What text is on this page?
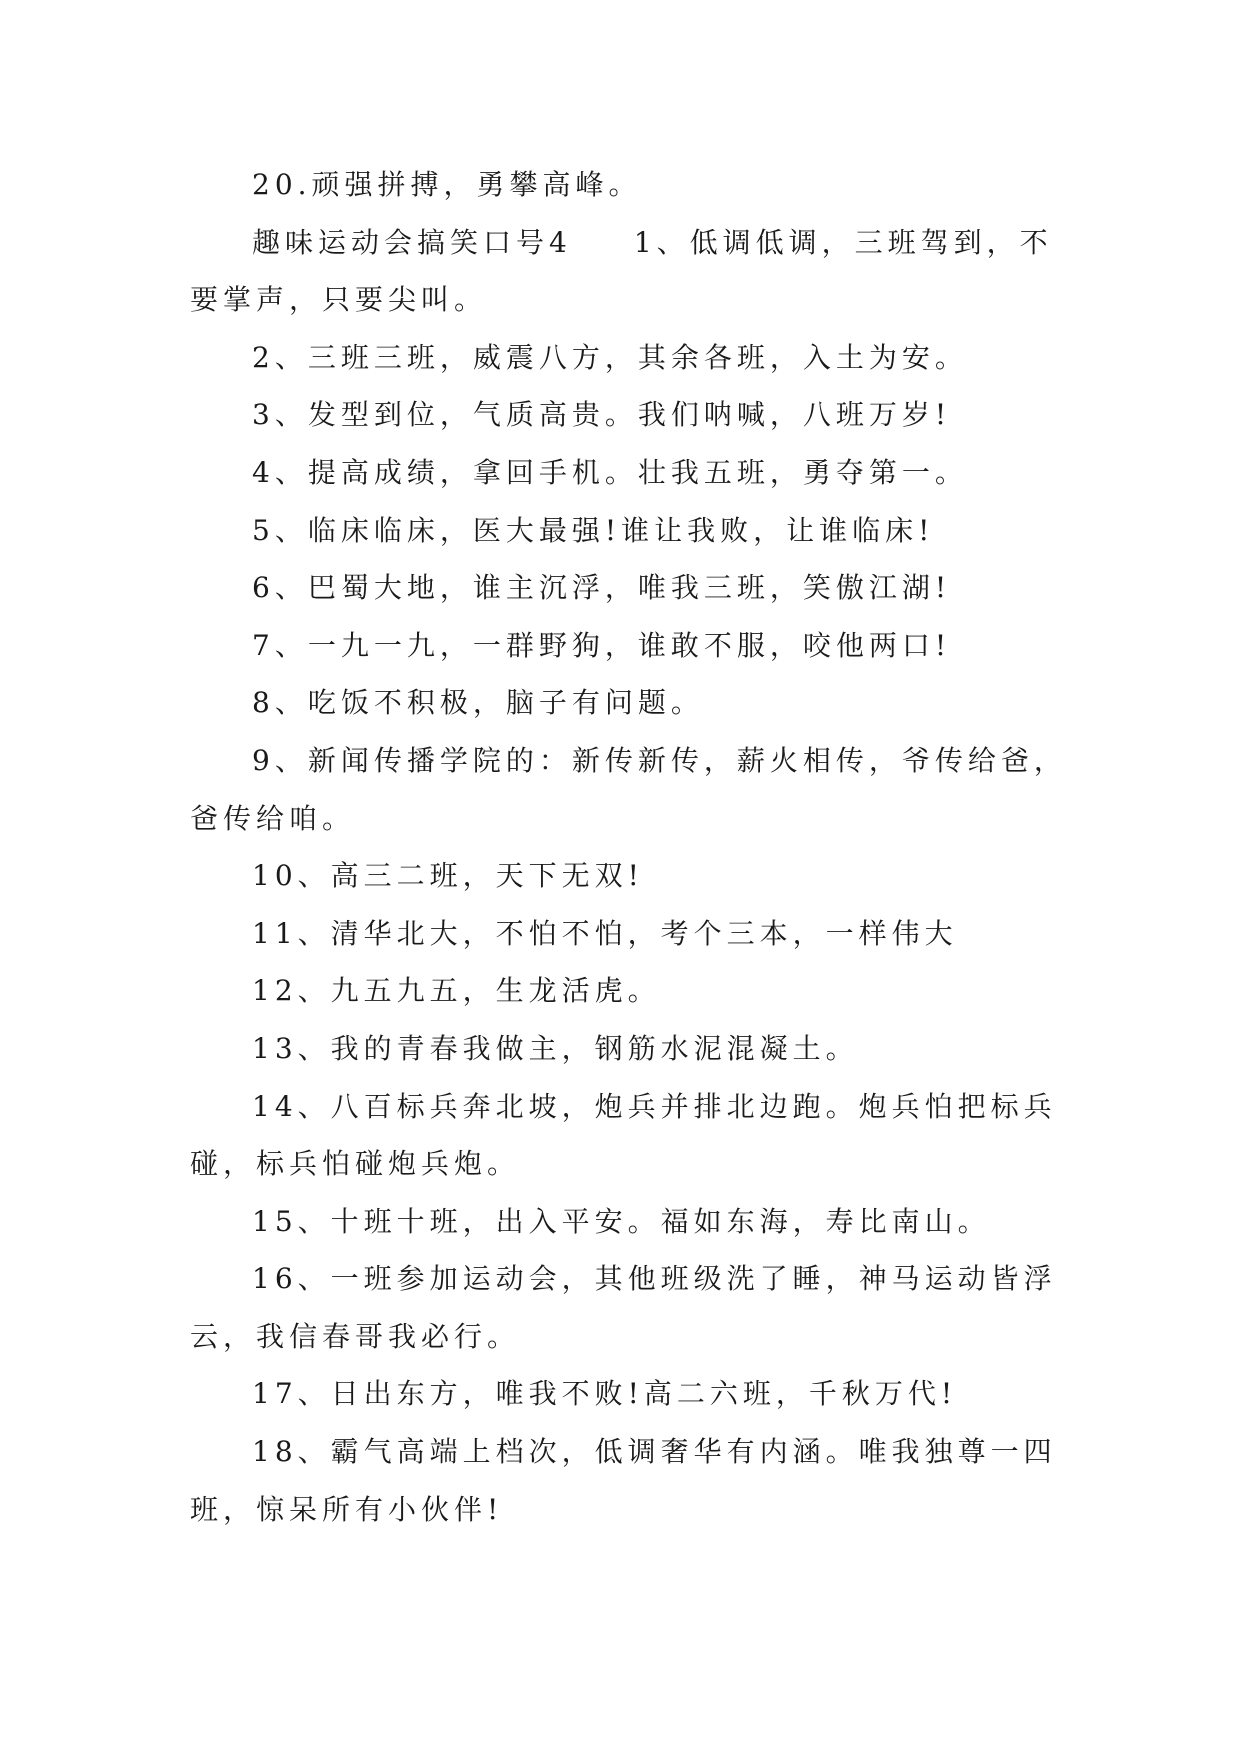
20.顽强拼搏，勇攀高峰。

趣味运动会搞笑口号4 1、低调低调，三班驾到，不要掌声，只要尖叫。

2、三班三班，威震八方，其余各班，入土为安。

3、发型到位，气质高贵。我们呐喊，八班万岁!

4、提高成绩，拿回手机。壮我五班，勇夺第一。

5、临床临床，医大最强!谁让我败，让谁临床!

6、巴蜀大地，谁主沉浮，唯我三班，笑傲江湖!

7、一九一九，一群野狗，谁敢不服，咬他两口!

8、吃饭不积极，脑子有问题。

9、新闻传播学院的：新传新传，薪火相传，爷传给爸，爸传给咱。

10、高三二班，天下无双!

11、清华北大，不怕不怕，考个三本，一样伟大

12、九五九五，生龙活虎。

13、我的青春我做主，钢筋水泥混凝土。

14、八百标兵奔北坡，炮兵并排北边跑。炮兵怕把标兵碰，标兵怕碰炮兵炮。

15、十班十班，出入平安。福如东海，寿比南山。

16、一班参加运动会，其他班级洗了睡，神马运动皆浮云，我信春哥我必行。

17、日出东方，唯我不败!高二六班，千秋万代!

18、霸气高端上档次，低调奢华有内涵。唯我独尊一四班，惊呆所有小伙伴!
